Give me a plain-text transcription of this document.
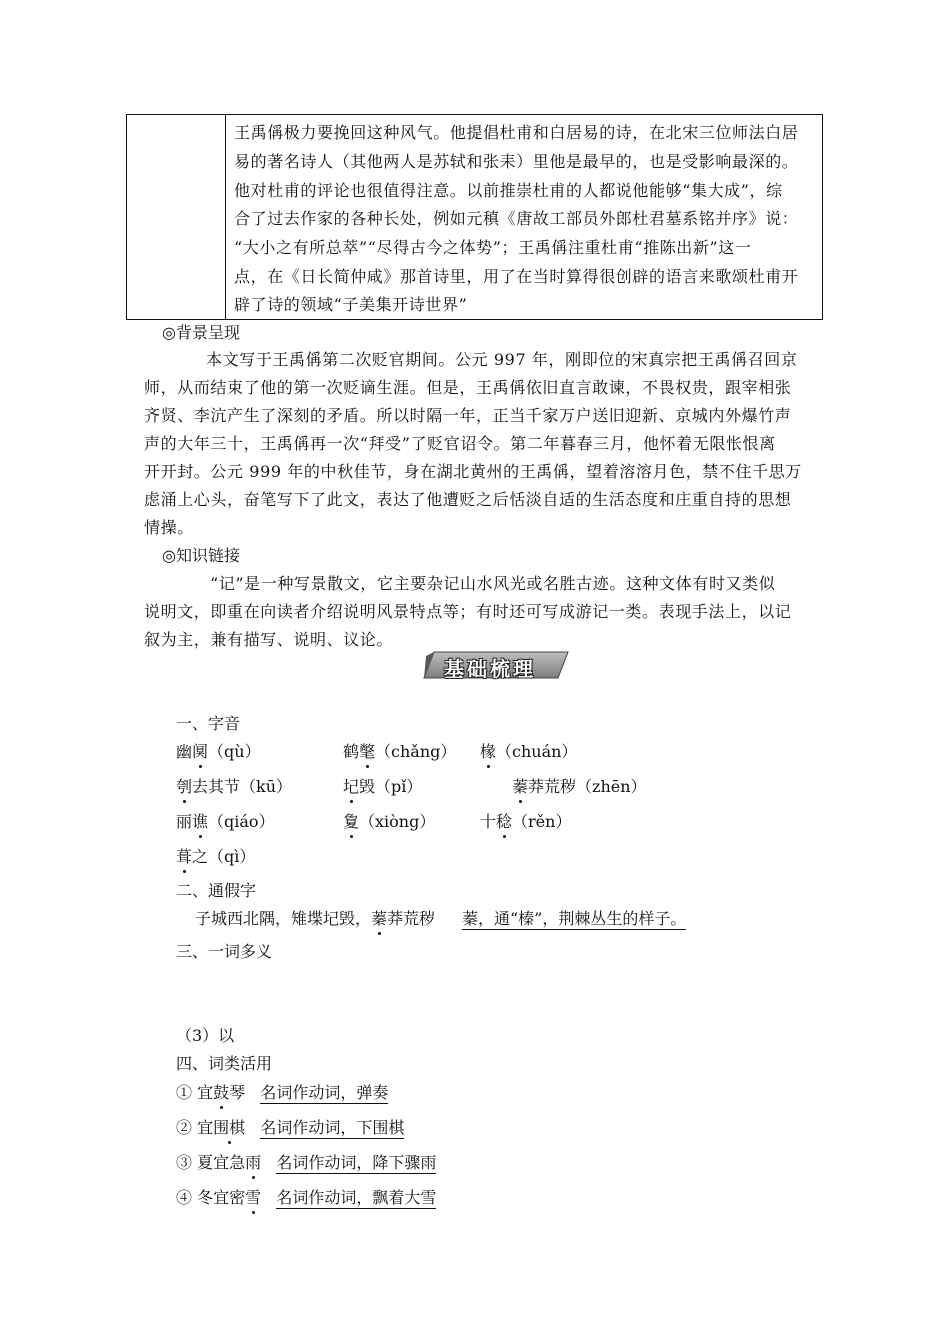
王禹偁极力要挽回这种风气。他提倡杜甫和白居易的诗，在北宋三位师法白居
易的著名诗人（其他两人是苏轼和张耒）里他是最早的，也是受影响最深的。
他对杜甫的评论也很值得注意。以前推崇杜甫的人都说他能够“集大成”，综
合了过去作家的各种长处，例如元稹《唐故工部员外郎杜君墓系铭并序》说：
“大小之有所总萃”“尽得古今之体势”；王禹偁注重杜甫“推陈出新”这一
点，在《日长简仲咸》那首诗里，用了在当时算得很创辟的语言来歌颂杜甫开
辟了诗的领域“子美集开诗世界”
◎背景呈现
本文写于王禹偁第二次贬官期间。公元 997 年，刚即位的宋真宗把王禹偁召回京
师，从而结束了他的第一次贬谪生涯。但是，王禹偁依旧直言敢谏，不畏权贵，跟宰相张
齐贤、李沆产生了深刻的矛盾。所以时隔一年，正当千家万户送旧迎新、京城内外爆竹声
声的大年三十，王禹偁再一次“拜受”了贬官诏令。第二年暮春三月，他怀着无限怅恨离
开开封。公元 999 年的中秋佳节，身在湖北黄州的王禹偁，望着溶溶月色，禁不住千思万
虑涌上心头，奋笔写下了此文，表达了他遭贬之后恬淡自适的生活态度和庄重自持的思想
情操。
◎知识链接
“记”是一种写景散文，它主要杂记山水风光或名胜古迹。这种文体有时又类似
说明文，即重在向读者介绍说明风景特点等；有时还可写成游记一类。表现手法上，以记
叙为主，兼有描写、说明、议论。
基础梳理
一、字音
幽阒（qù）	鹤氅（chǎng） 椽（chuán）
刳去其节（kū）	圮毁（pǐ）	蓁莽荒秽（zhēn）
丽谯（qiáo）	夐（xiòng）	十稔（rěn）
葺之（qì）
二、通假字
子城西北隅，雉堞圮毁，蓁莽荒秽 蓁，通“榛”，荆棘丛生的样子。
三、一词多义
（3）以
四、词类活用
① 宜鼓琴 名词作动词，弹奏
② 宜围棋 名词作动词，下围棋
③ 夏宜急雨 名词作动词，降下骤雨
④ 冬宜密雪 名词作动词，飘着大雪
